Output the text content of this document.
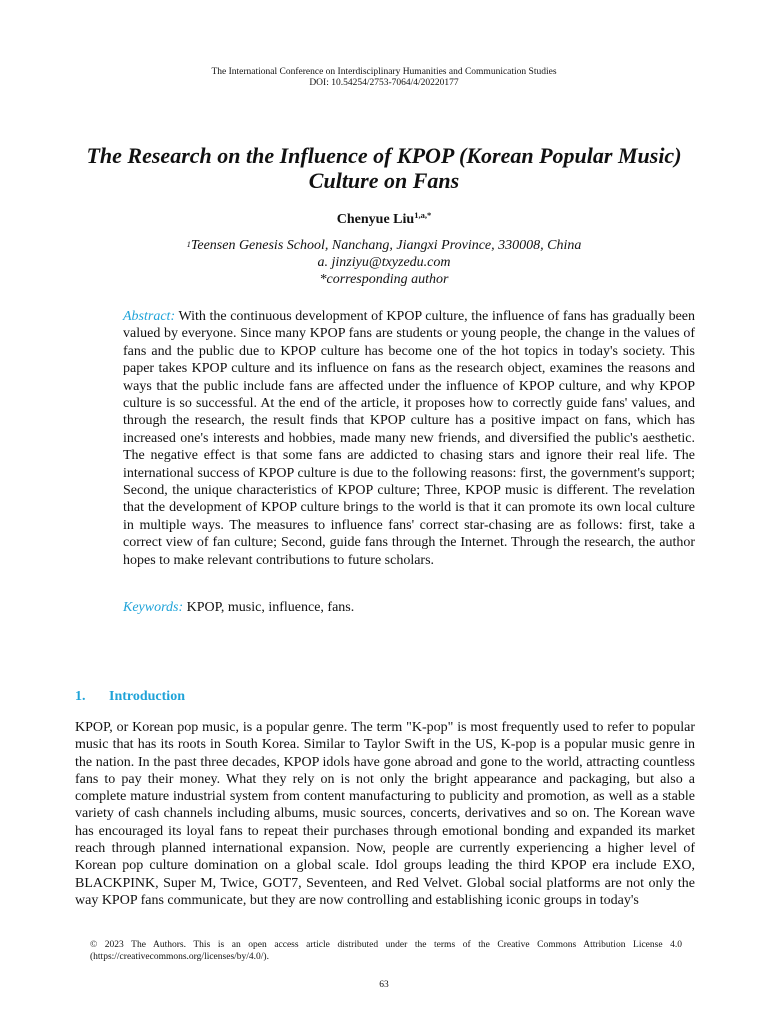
The International Conference on Interdisciplinary Humanities and Communication Studies
DOI: 10.54254/2753-7064/4/20220177
The Research on the Influence of KPOP (Korean Popular Music) Culture on Fans
Chenyue Liu$^{1,a,*}$
$^1$Teensen Genesis School, Nanchang, Jiangxi Province, 330008, China
a. jinziyu@txyzedu.com
*corresponding author
Abstract: With the continuous development of KPOP culture, the influence of fans has gradually been valued by everyone. Since many KPOP fans are students or young people, the change in the values of fans and the public due to KPOP culture has become one of the hot topics in today's society. This paper takes KPOP culture and its influence on fans as the research object, examines the reasons and ways that the public include fans are affected under the influence of KPOP culture, and why KPOP culture is so successful. At the end of the article, it proposes how to correctly guide fans' values, and through the research, the result finds that KPOP culture has a positive impact on fans, which has increased one's interests and hobbies, made many new friends, and diversified the public's aesthetic. The negative effect is that some fans are addicted to chasing stars and ignore their real life. The international success of KPOP culture is due to the following reasons: first, the government's support; Second, the unique characteristics of KPOP culture; Three, KPOP music is different. The revelation that the development of KPOP culture brings to the world is that it can promote its own local culture in multiple ways. The measures to influence fans' correct star-chasing are as follows: first, take a correct view of fan culture; Second, guide fans through the Internet. Through the research, the author hopes to make relevant contributions to future scholars.
Keywords: KPOP, music, influence, fans.
1. Introduction
KPOP, or Korean pop music, is a popular genre. The term "K-pop" is most frequently used to refer to popular music that has its roots in South Korea. Similar to Taylor Swift in the US, K-pop is a popular music genre in the nation. In the past three decades, KPOP idols have gone abroad and gone to the world, attracting countless fans to pay their money. What they rely on is not only the bright appearance and packaging, but also a complete mature industrial system from content manufacturing to publicity and promotion, as well as a stable variety of cash channels including albums, music sources, concerts, derivatives and so on. The Korean wave has encouraged its loyal fans to repeat their purchases through emotional bonding and expanded its market reach through planned international expansion. Now, people are currently experiencing a higher level of Korean pop culture domination on a global scale. Idol groups leading the third KPOP era include EXO, BLACKPINK, Super M, Twice, GOT7, Seventeen, and Red Velvet. Global social platforms are not only the way KPOP fans communicate, but they are now controlling and establishing iconic groups in today's
© 2023 The Authors. This is an open access article distributed under the terms of the Creative Commons Attribution License 4.0 (https://creativecommons.org/licenses/by/4.0/).
63
